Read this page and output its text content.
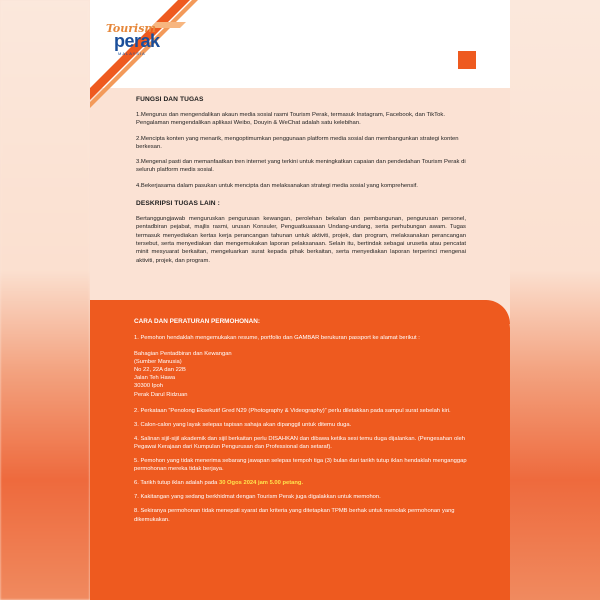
Tourism
perak
MALAYSIA

FUNGSI DAN TUGAS

1.Mengurus dan mengendalikan akaun media sosial rasmi Tourism Perak, termasuk Instagram, Facebook, dan TikTok. Pengalaman mengendalikan aplikasi Weibo, Douyin & WeChat adalah satu kelebihan.

2.Mencipta konten yang menarik, mengoptimumkan penggunaan platform media sosial dan membangunkan strategi konten berkesan.

3.Mengenal pasti dan memanfaatkan tren internet yang terkini untuk meningkatkan capaian dan pendedahan Tourism Perak di seluruh platform medis sosial.

4.Bekerjasama dalam pasukan untuk mencipta dan melaksanakan strategi media sosial yang komprehensif.

DESKRIPSI TUGAS LAIN :

Bertanggungjawab menguruskan pengurusan kewangan, perolehan bekalan dan pembangunan, pengurusan personel, pentadbiran pejabat, majlis rasmi, urusan Konsuler, Penguatkuasaan Undang-undang, serta perhubungan awam. Tugas termasuk menyediakan kertas kerja perancangan tahunan untuk aktiviti, projek, dan program, melaksanakan perancangan tersebut, serta menyediakan dan mengemukakan laporan pelaksanaan. Selain itu, bertindak sebagai urusetia atau pencatat minit mesyuarat berkaitan, mengeluarkan surat kepada pihak berkaitan, serta menyediakan laporan terperinci mengenai aktiviti, projek, dan program.

CARA DAN PERATURAN PERMOHONAN:

1. Pemohon hendaklah mengemukakan resume, portfolio dan GAMBAR berukuran passport ke alamat berikut :

Bahagian Pentadbiran dan Kewangan
(Sumber Manusia)
No 22, 22A dan 22B
Jalan Teh Hawa
30300 Ipoh
Perak Darul Ridzuan

2. Perkataan “Penolong Eksekutif Gred N29 (Photography & Videography)” perlu diletakkan pada sampul surat sebelah kiri.

3. Calon-calon yang layak selepas tapisan sahaja akan dipanggil untuk ditemu duga.

4. Salinan sijil-sijil akademik dan sijil berkaitan perlu DISAHKAN dan dibawa ketika sesi temu duga dijalankan. (Pengesahan oleh Pegawai Kerajaan dari Kumpulan Pengurusan dan Professional dan setaraf).

5. Pemohon yang tidak menerima sebarang jawapan selepas tempoh tiga (3) bulan dari tarikh tutup iklan hendaklah menganggap permohonan mereka tidak berjaya.

6. Tarikh tutup iklan adalah pada 30 Ogos 2024 jam 5.00 petang.

7. Kakitangan yang sedang berkhidmat dengan Tourism Perak juga digalakkan untuk memohon.

8. Sekiranya permohonan tidak menepati syarat dan kriteria yang ditetapkan TPMB berhak untuk menolak permohonan yang dikemukakan.
